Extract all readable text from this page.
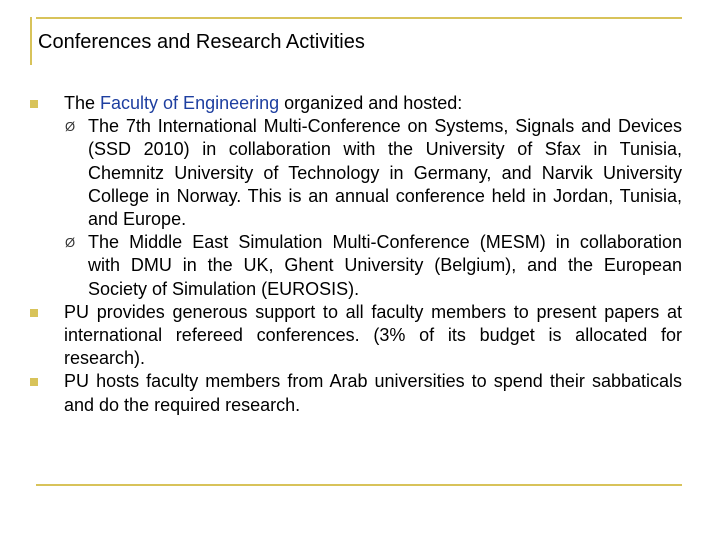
Conferences and Research Activities
The Faculty of Engineering organized and hosted:
Ø The 7th International Multi-Conference on Systems, Signals and Devices (SSD 2010) in collaboration with the University of Sfax in Tunisia, Chemnitz University of Technology in Germany, and Narvik University College in Norway. This is an annual conference held in Jordan, Tunisia, and Europe.
Ø The Middle East Simulation Multi-Conference (MESM) in collaboration with DMU in the UK, Ghent University (Belgium), and the European Society of Simulation (EUROSIS).
PU provides generous support to all faculty members to present papers at international refereed conferences. (3% of its budget is allocated for research).
PU hosts faculty members from Arab universities to spend their sabbaticals and do the required research.
